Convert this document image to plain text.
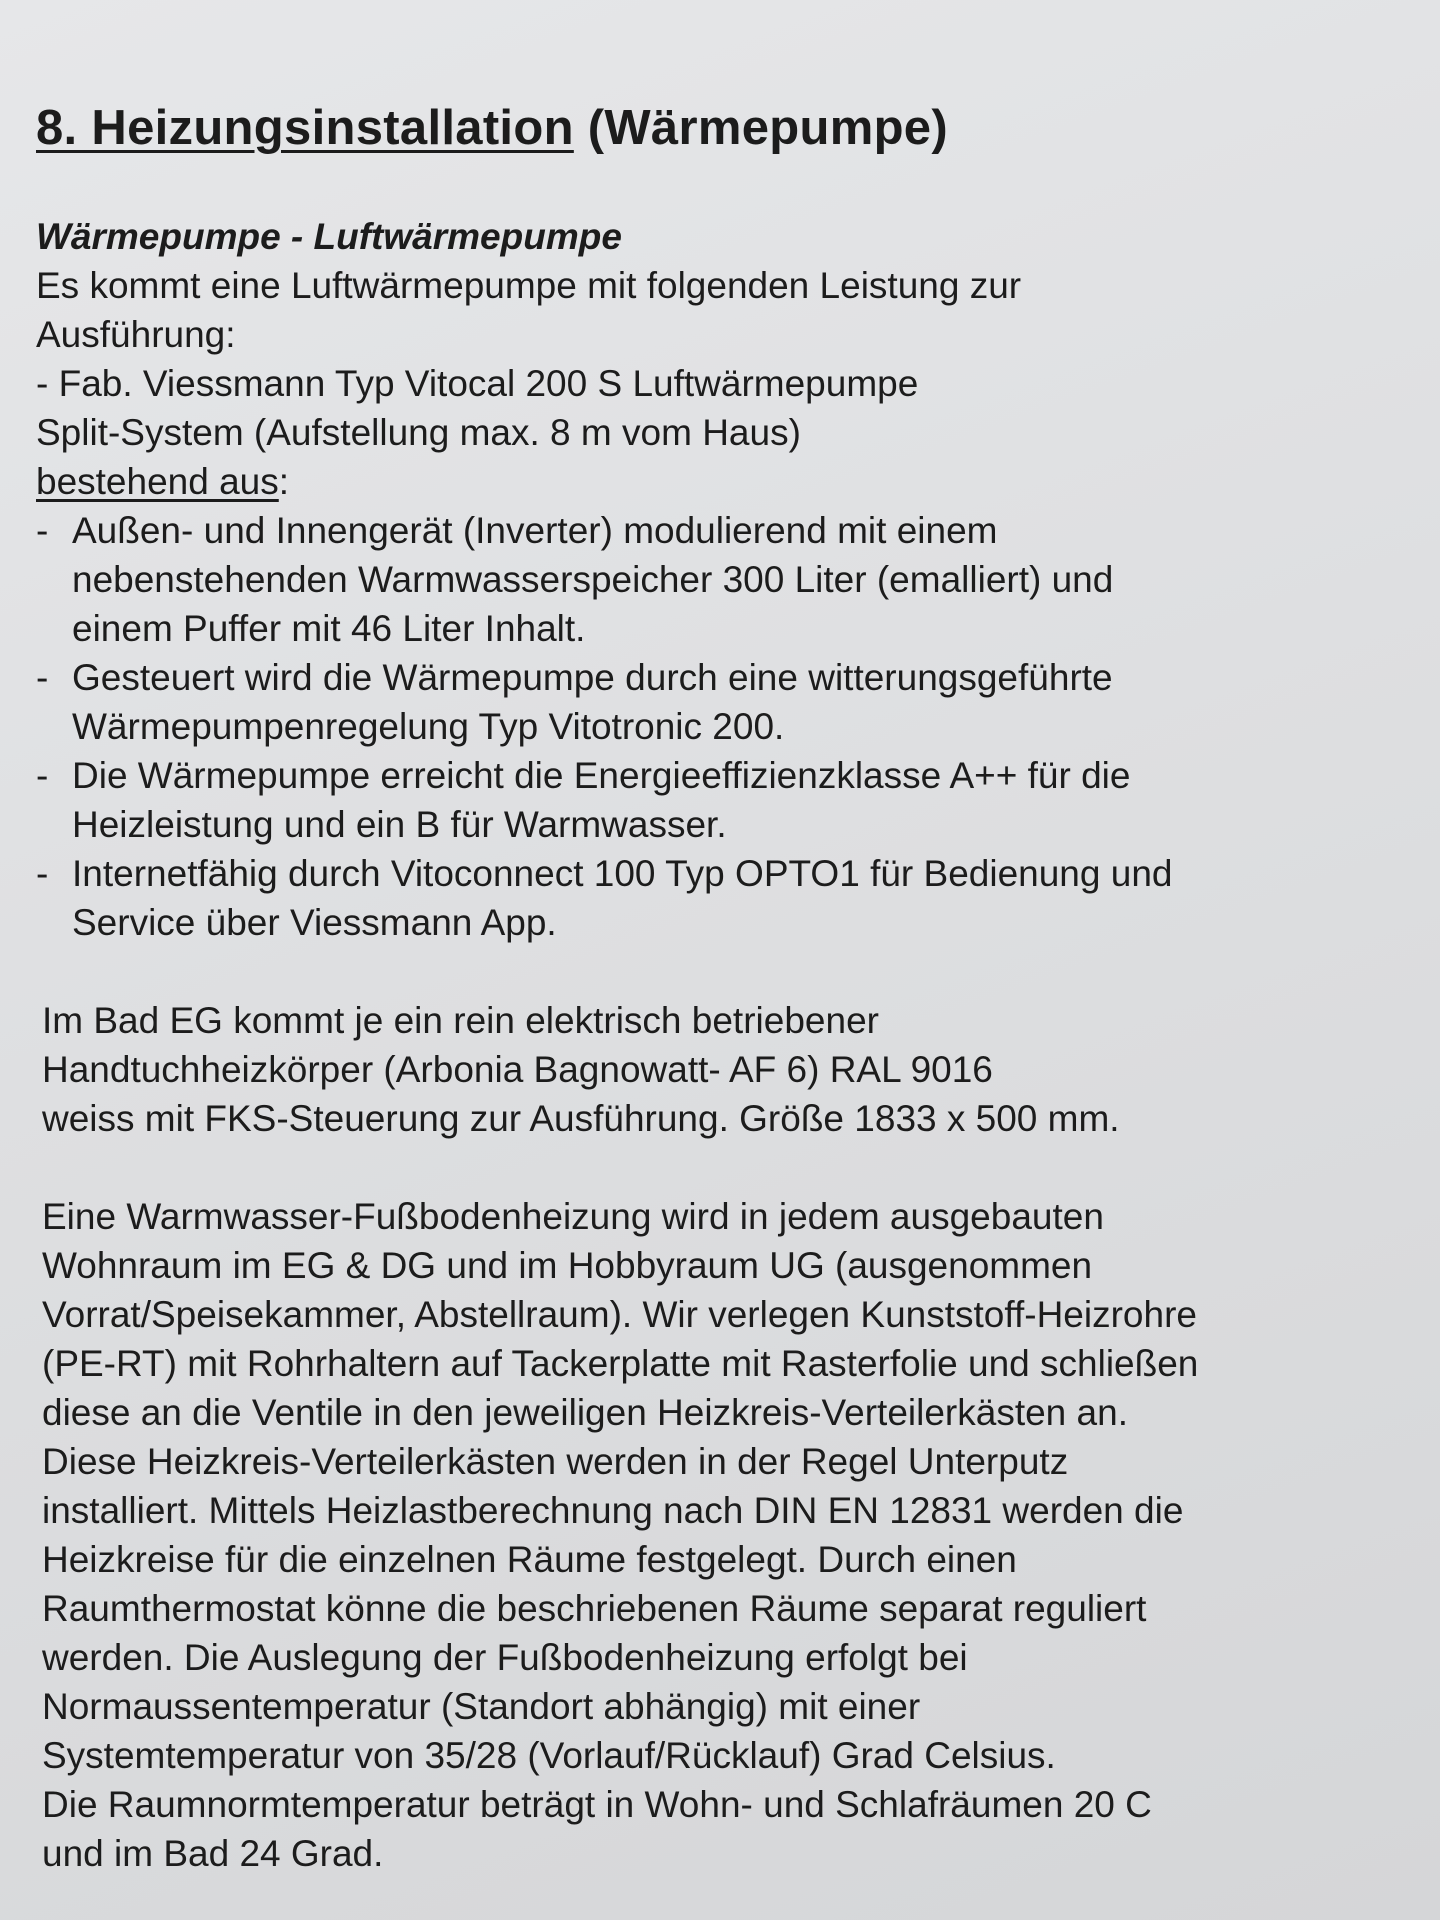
8. Heizungsinstallation (Wärmepumpe)
Wärmepumpe - Luftwärmepumpe
Es kommt eine Luftwärmepumpe mit folgenden Leistung zur
Ausführung:
- Fab. Viessmann Typ Vitocal 200 S Luftwärmepumpe
Split-System (Aufstellung max. 8 m vom Haus)
bestehend aus:
- Außen- und Innengerät (Inverter) modulierend mit einem
nebenstehenden Warmwasserspeicher 300 Liter (emalliert) und
einem Puffer mit 46 Liter Inhalt.
- Gesteuert wird die Wärmepumpe durch eine witterungsgeführte
Wärmepumpenregelung Typ Vitotronic 200.
- Die Wärmepumpe erreicht die Energieeffizienzklasse A++ für die
Heizleistung und ein B für Warmwasser.
- Internetfähig durch Vitoconnect 100 Typ OPTO1 für Bedienung und
Service über Viessmann App.
Im Bad EG kommt je ein rein elektrisch betriebener
Handtuchheizkörper (Arbonia Bagnowatt- AF 6) RAL 9016
weiss mit FKS-Steuerung zur Ausführung. Größe 1833 x 500 mm.
Eine Warmwasser-Fußbodenheizung wird in jedem ausgebauten
Wohnraum im EG & DG und im Hobbyraum UG (ausgenommen
Vorrat/Speisekammer, Abstellraum). Wir verlegen Kunststoff-Heizrohre
(PE-RT) mit Rohrhaltern auf Tackerplatte mit Rasterfolie und schließen
diese an die Ventile in den jeweiligen Heizkreis-Verteilerkästen an.
Diese Heizkreis-Verteilerkästen werden in der Regel Unterputz
installiert. Mittels Heizlastberechnung nach DIN EN 12831 werden die
Heizkreise für die einzelnen Räume festgelegt. Durch einen
Raumthermostat könne die beschriebenen Räume separat reguliert
werden. Die Auslegung der Fußbodenheizung erfolgt bei
Normaussentemperatur (Standort abhängig) mit einer
Systemtemperatur von 35/28 (Vorlauf/Rücklauf) Grad Celsius.
Die Raumnormtemperatur beträgt in Wohn- und Schlafräumen 20 C
und im Bad 24 Grad.
